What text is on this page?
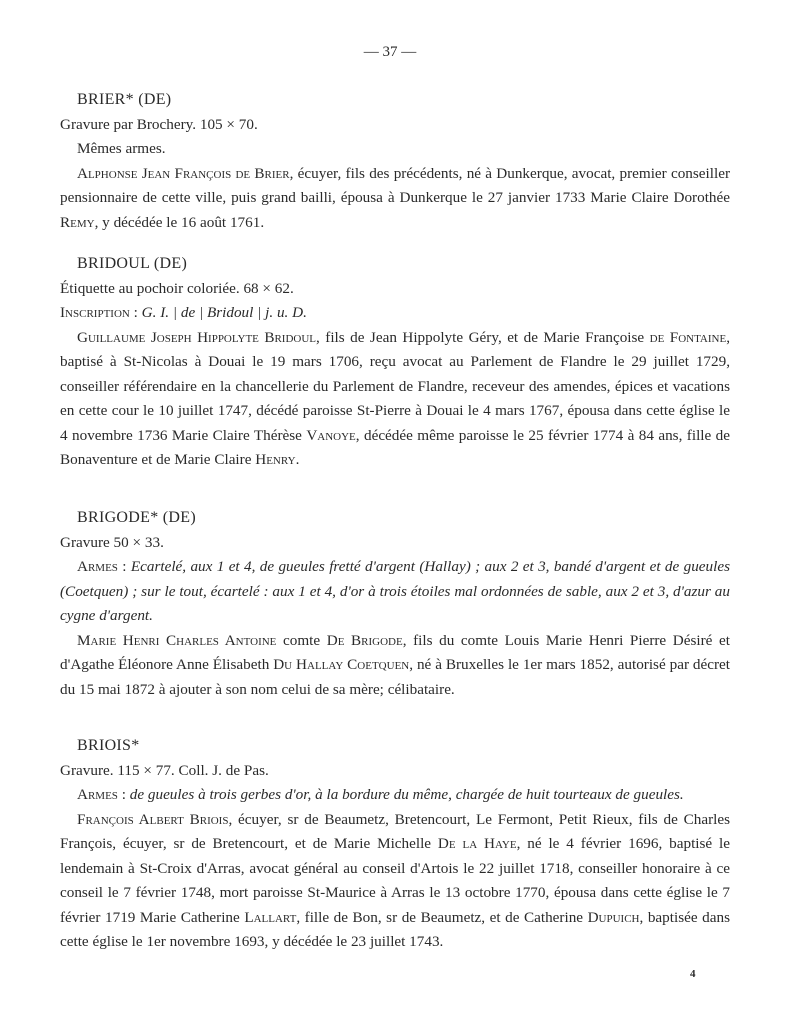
— 37 —
BRIER* (DE)
Gravure par Brochery. 105 × 70.
Mêmes armes.
Alphonse Jean François de Brier, écuyer, fils des précédents, né à Dunkerque, avocat, premier conseiller pensionnaire de cette ville, puis grand bailli, épousa à Dunkerque le 27 janvier 1733 Marie Claire Dorothée Remy, y décédée le 16 août 1761.
BRIDOUL (DE)
Étiquette au pochoir coloriée. 68 × 62.
Inscription : G. I. | de | Bridoul | j. u. D.
Guillaume Joseph Hippolyte Bridoul, fils de Jean Hippolyte Géry, et de Marie Françoise de Fontaine, baptisé à St-Nicolas à Douai le 19 mars 1706, reçu avocat au Parlement de Flandre le 29 juillet 1729, conseiller référendaire en la chancellerie du Parlement de Flandre, receveur des amendes, épices et vacations en cette cour le 10 juillet 1747, décédé paroisse St-Pierre à Douai le 4 mars 1767, épousa dans cette église le 4 novembre 1736 Marie Claire Thérèse Vanoye, décédée même paroisse le 25 février 1774 à 84 ans, fille de Bonaventure et de Marie Claire Henry.
BRIGODE* (DE)
Gravure 50 × 33.
Armes : Ecartelé, aux 1 et 4, de gueules fretté d'argent (Hallay) ; aux 2 et 3, bandé d'argent et de gueules (Coetquen) ; sur le tout, écartelé : aux 1 et 4, d'or à trois étoiles mal ordonnées de sable, aux 2 et 3, d'azur au cygne d'argent.
Marie Henri Charles Antoine comte De Brigode, fils du comte Louis Marie Henri Pierre Désiré et d'Agathe Éléonore Anne Élisabeth Du Hallay Coetquen, né à Bruxelles le 1er mars 1852, autorisé par décret du 15 mai 1872 à ajouter à son nom celui de sa mère; célibataire.
BRIOIS*
Gravure. 115 × 77. Coll. J. de Pas.
Armes : de gueules à trois gerbes d'or, à la bordure du même, chargée de huit tourteaux de gueules.
François Albert Briois, écuyer, sr de Beaumetz, Bretencourt, Le Fermont, Petit Rieux, fils de Charles François, écuyer, sr de Bretencourt, et de Marie Michelle De la Haye, né le 4 février 1696, baptisé le lendemain à St-Croix d'Arras, avocat général au conseil d'Artois le 22 juillet 1718, conseiller honoraire à ce conseil le 7 février 1748, mort paroisse St-Maurice à Arras le 13 octobre 1770, épousa dans cette église le 7 février 1719 Marie Catherine Lallart, fille de Bon, sr de Beaumetz, et de Catherine Dupuich, baptisée dans cette église le 1er novembre 1693, y décédée le 23 juillet 1743.
4
